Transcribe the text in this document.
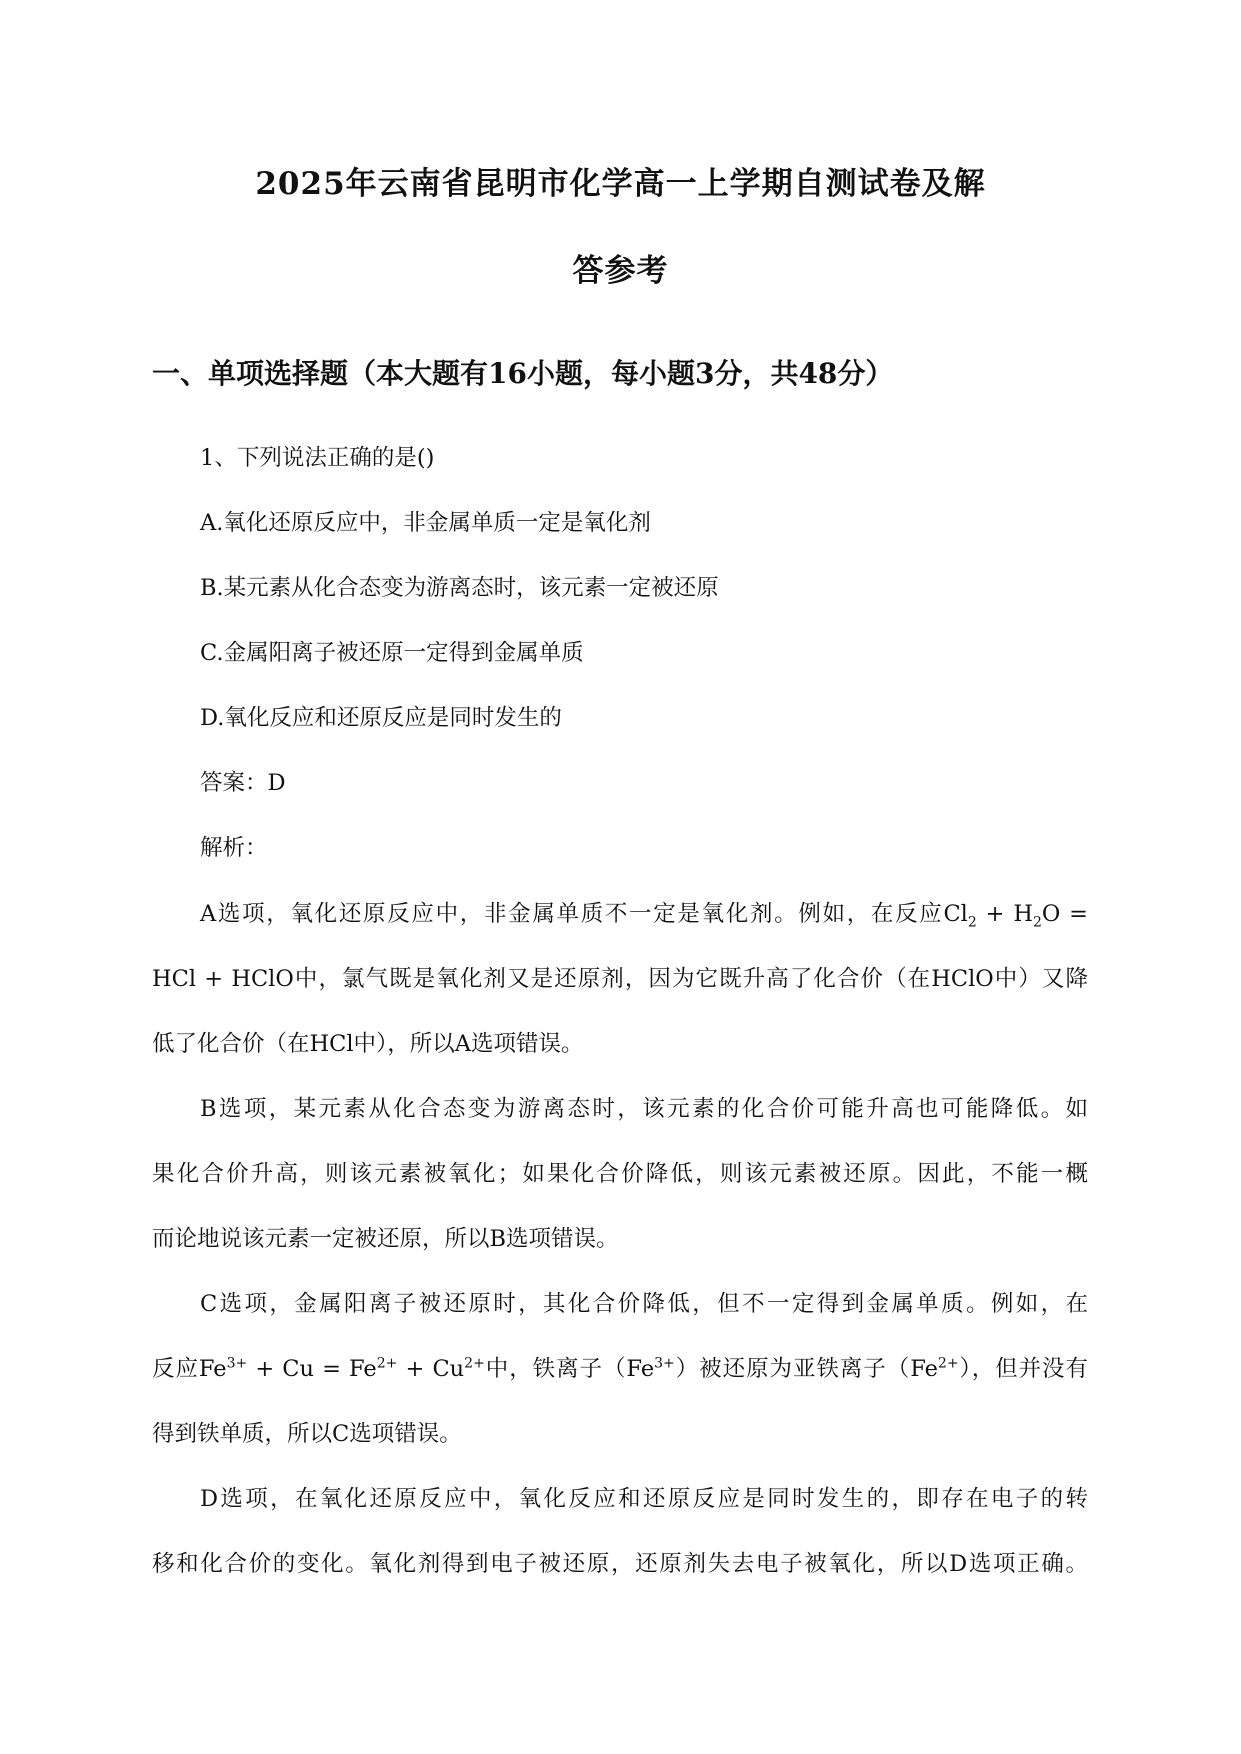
2025年云南省昆明市化学高一上学期自测试卷及解
答参考
一、单项选择题（本大题有16小题，每小题3分，共48分）
1、下列说法正确的是()
A.氧化还原反应中，非金属单质一定是氧化剂
B.某元素从化合态变为游离态时，该元素一定被还原
C.金属阳离子被还原一定得到金属单质
D.氧化反应和还原反应是同时发生的
答案：D
解析：
A选项，氧化还原反应中，非金属单质不一定是氧化剂。例如，在反应$Cl_2 + H_2O$ =
HCl + HClO中，氯气既是氧化剂又是还原剂，因为它既升高了化合价（在HClO中）又降
低了化合价（在HCl中），所以A选项错误。
B选项，某元素从化合态变为游离态时，该元素的化合价可能升高也可能降低。如
果化合价升高，则该元素被氧化；如果化合价降低，则该元素被还原。因此，不能一概
而论地说该元素一定被还原，所以B选项错误。
C选项，金属阳离子被还原时，其化合价降低，但不一定得到金属单质。例如，在
反应$Fe^{3+} + Cu = Fe^{2+} + Cu^{2+}$中，铁离子$(Fe^{3+})$被还原为亚铁离子$(Fe^{2+})$，但并没有
得到铁单质，所以C选项错误。
D选项，在氧化还原反应中，氧化反应和还原反应是同时发生的，即存在电子的转
移和化合价的变化。氧化剂得到电子被还原，还原剂失去电子被氧化，所以D选项正确。
